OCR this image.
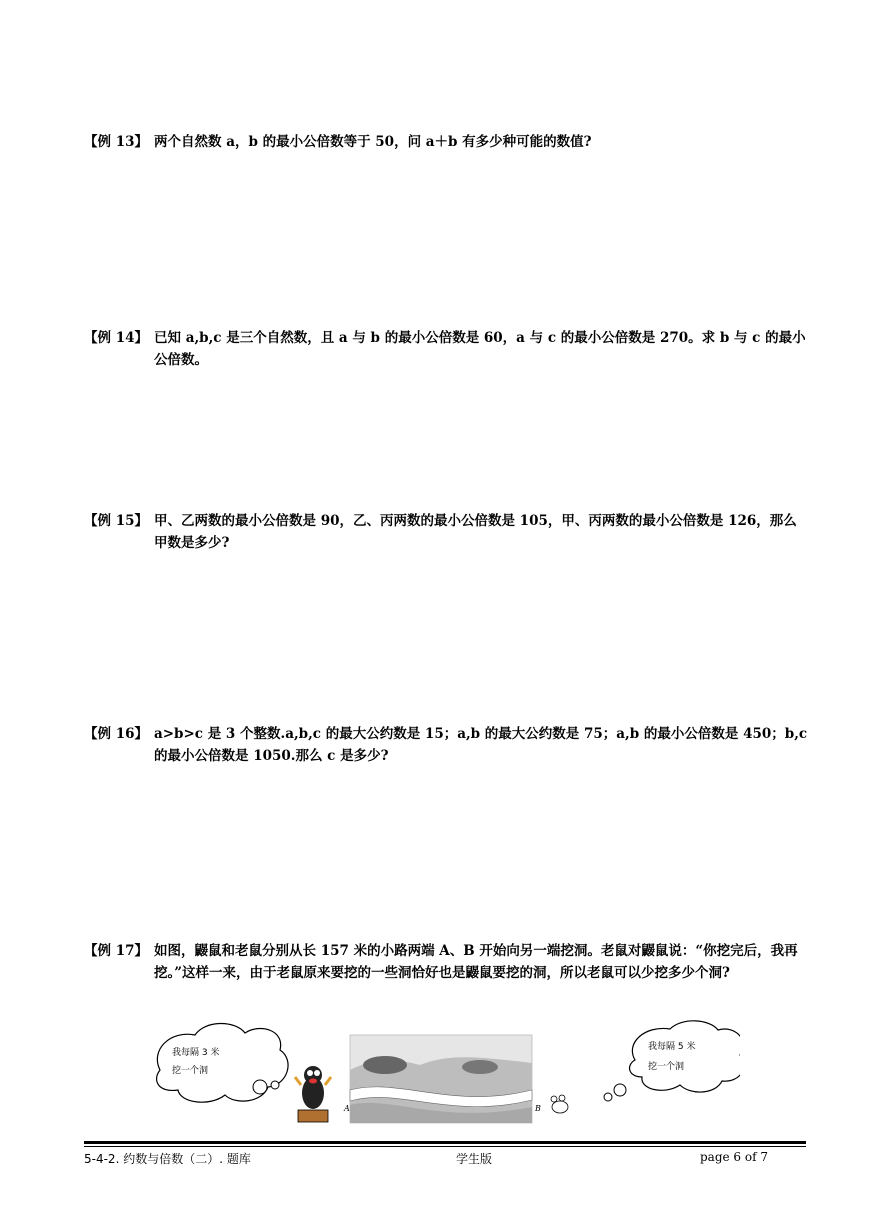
【例 13】 两个自然数 a，b 的最小公倍数等于 50，问 a＋b 有多少种可能的数值?
【例 14】 已知 a,b,c 是三个自然数，且 a 与 b 的最小公倍数是 60，a 与 c 的最小公倍数是 270。求 b 与 c 的最小公倍数。
【例 15】 甲、乙两数的最小公倍数是 90，乙、丙两数的最小公倍数是 105，甲、丙两数的最小公倍数是 126，那么甲数是多少?
【例 16】 a>b>c 是 3 个整数.a,b,c 的最大公约数是 15；a,b 的最大公约数是 75；a,b 的最小公倍数是 450；b,c 的最小公倍数是 1050.那么 c 是多少?
【例 17】 如图，鼹鼠和老鼠分别从长 157 米的小路两端 A、B 开始向另一端挖洞。老鼠对鼹鼠说：“你挖完后，我再挖。”这样一来，由于老鼠原来要挖的一些洞恰好也是鼹鼠要挖的洞，所以老鼠可以少挖多少个洞?
我每隔 3 米
挖一个洞
A	B
我每隔 5 米
挖一个洞
5-4-2. 约数与倍数（二）. 题库	学生版	page 6 of 7
